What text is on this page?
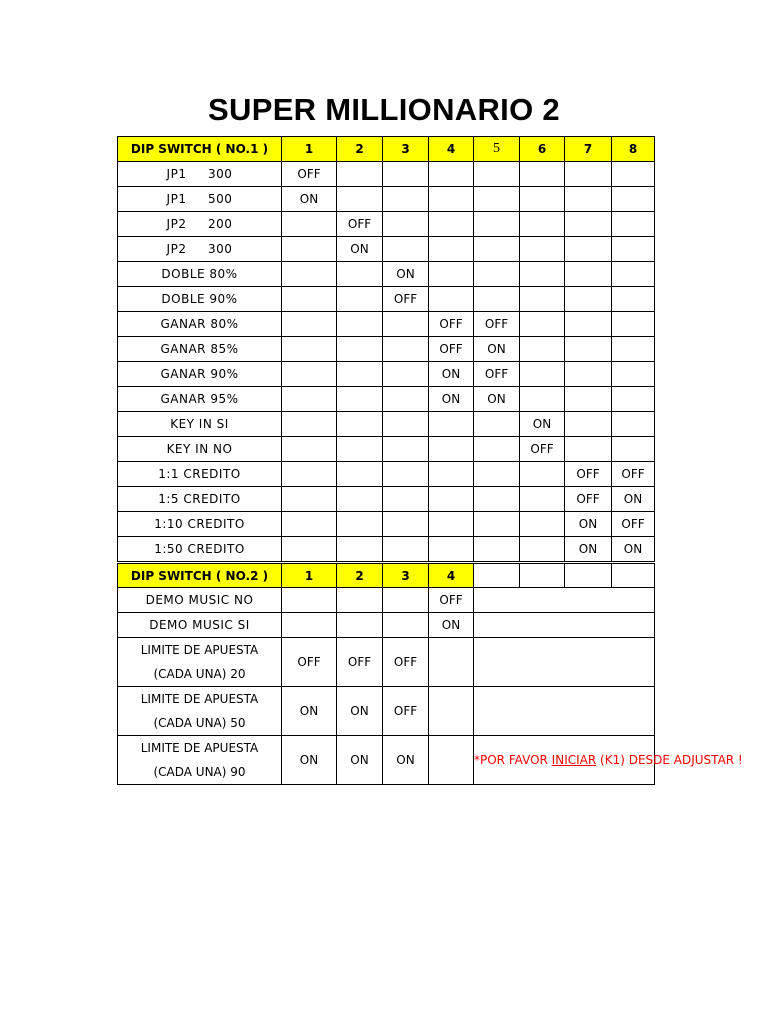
SUPER MILLIONARIO 2
DIP SWITCH ( NO.1 )	1	2	3	4	5	6	7	8
JP1     300	OFF							
JP1     500	ON							
JP2     200		OFF						
JP2     300		ON						
DOBLE 80%			ON					
DOBLE 90%			OFF					
GANAR 80%				OFF	OFF			
GANAR 85%				OFF	ON			
GANAR 90%				ON	OFF			
GANAR 95%				ON	ON			
KEY IN SI						ON		
KEY IN NO						OFF		
1:1 CREDITO							OFF	OFF
1:5 CREDITO							OFF	ON
1:10 CREDITO							ON	OFF
1:50 CREDITO							ON	ON
DIP SWITCH ( NO.2 )	1	2	3	4				
DEMO MUSIC NO				OFF				
DEMO MUSIC SI				ON				

LIMITE DE APUESTA
(CADA UNA) 20	OFF	OFF	OFF					

LIMITE DE APUESTA
(CADA UNA) 50	ON	ON	OFF					

LIMITE DE APUESTA
(CADA UNA) 90	ON	ON	ON		*POR FAVOR INICIAR (K1) DESDE ADJUSTAR !			
